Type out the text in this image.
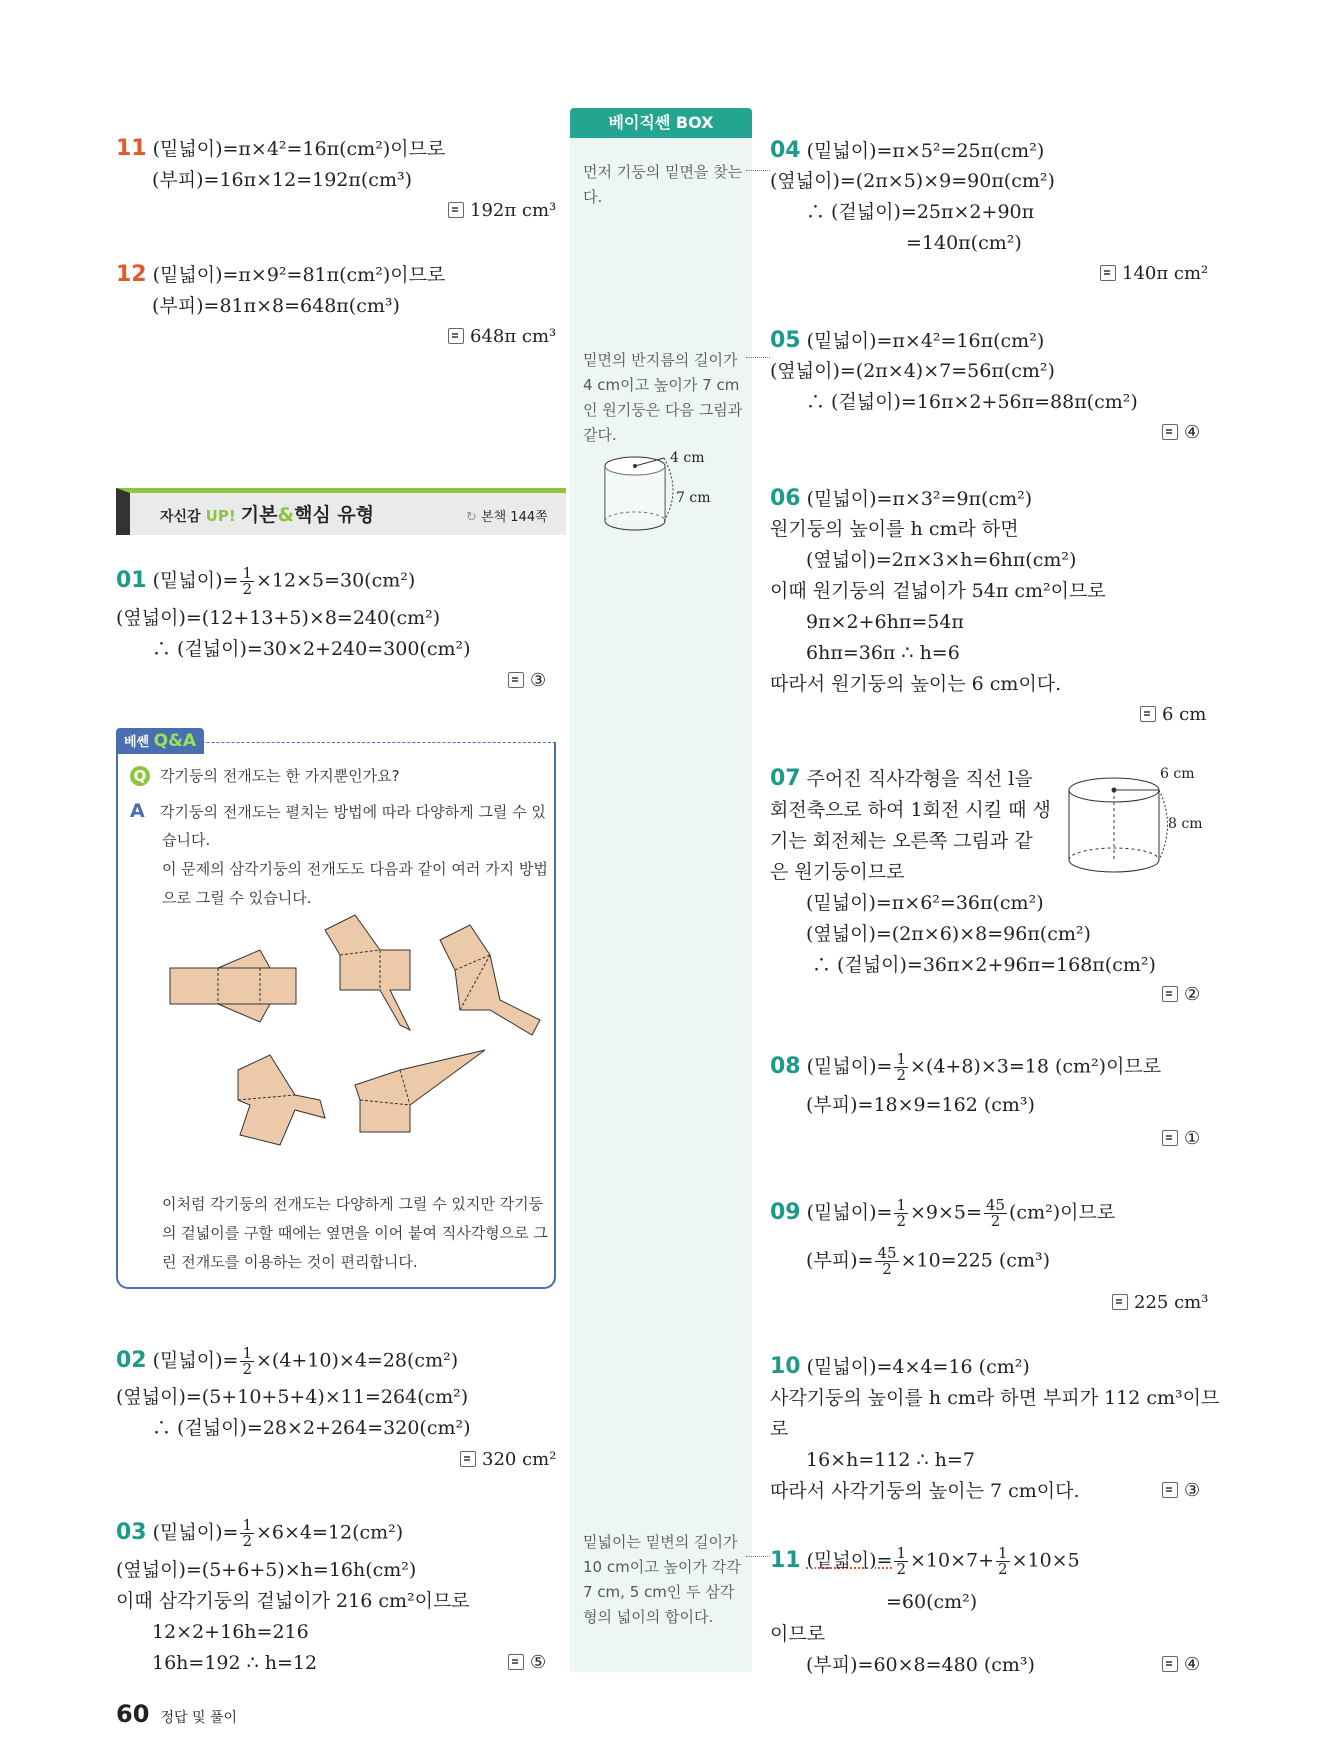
베이직쎈 BOX
먼저 기둥의 밑면을 찾는다.
밑면의 반지름의 길이가 4 cm이고 높이가 7 cm인 원기둥은 다음 그림과 같다.
4 cm
7 cm
밑넓이는 밑변의 길이가 10 cm이고 높이가 각각 7 cm, 5 cm인 두 삼각형의 넓이의 합이다.
11 (밑넓이)=π×4²=16π(cm²)이므로
(부피)=16π×12=192π(cm³)
192π cm³
12 (밑넓이)=π×9²=81π(cm²)이므로
(부피)=81π×8=648π(cm³)
648π cm³
자신감 UP! 기본&핵심 유형	↻ 본책 144쪽
01 (밑넓이)= $\frac{1}{2} \times 12\times 5=30(cm^2)$
(옆넓이)=(12+13+5)×8=240(cm²)
∴ (겉넓이)=30×2+240=300(cm²)
③
베쎈 Q&A
Q 각기둥의 전개도는 한 가지뿐인가요?
A 각기둥의 전개도는 펼치는 방법에 따라 다양하게 그릴 수 있
습니다.
이 문제의 삼각기둥의 전개도도 다음과 같이 여러 가지 방법
으로 그릴 수 있습니다.
이처럼 각기둥의 전개도는 다양하게 그릴 수 있지만 각기둥
의 겉넓이를 구할 때에는 옆면을 이어 붙여 직사각형으로 그
린 전개도를 이용하는 것이 편리합니다.
02 (밑넓이)= $\frac{1}{2} \times(4+10)\times 4=28(cm^2)$
(옆넓이)=(5+10+5+4)×11=264(cm²)
∴ (겉넓이)=28×2+264=320(cm²)
320 cm²
03 (밑넓이)= $\frac{1}{2} \times 6\times 4=12(cm^2)$
(옆넓이)=(5+6+5)×h=16h(cm²)
이때 삼각기둥의 겉넓이가 216 cm²이므로
12×2+16h=216
16h=192 ∴ h=12	⑤
04 (밑넓이)=π×5²=25π(cm²)
(옆넓이)=(2π×5)×9=90π(cm²)
∴ (겉넓이)=25π×2+90π
=140π(cm²)
140π cm²
05 (밑넓이)=π×4²=16π(cm²)
(옆넓이)=(2π×4)×7=56π(cm²)
∴ (겉넓이)=16π×2+56π=88π(cm²)
④
06 (밑넓이)=π×3²=9π(cm²)
원기둥의 높이를 h cm라 하면
(옆넓이)=2π×3×h=6hπ(cm²)
이때 원기둥의 겉넓이가 54π cm²이므로
9π×2+6hπ=54π
6hπ=36π ∴ h=6
따라서 원기둥의 높이는 6 cm이다.
6 cm
07 주어진 직사각형을 직선 l을
회전축으로 하여 1회전 시킬 때 생
기는 회전체는 오른쪽 그림과 같
은 원기둥이므로
6 cm
8 cm
(밑넓이)=π×6²=36π(cm²)
(옆넓이)=(2π×6)×8=96π(cm²)
∴ (겉넓이)=36π×2+96π=168π(cm²)
②
08 (밑넓이)= $\frac{1}{2} \times(4+8)\times 3=18$ (cm²)이므로
(부피)=18×9=162 (cm³)
①
09 (밑넓이)= $\frac{1}{2} \times 9\times 5= \frac{45}{2} (cm^2)$이므로
(부피)= $\frac{45}{2} \times 10=225$ (cm³)
225 cm³
10 (밑넓이)=4×4=16 (cm²)
사각기둥의 높이를 h cm라 하면 부피가 112 cm³이므
로
16×h=112 ∴ h=7
따라서 사각기둥의 높이는 7 cm이다.	③
11 (밑넓이)= $\frac{1}{2} \times 10\times 7+ \frac{1}{2} \times 10\times 5$
=60(cm²)
이므로
(부피)=60×8=480 (cm³)	④
60 정답 및 풀이
